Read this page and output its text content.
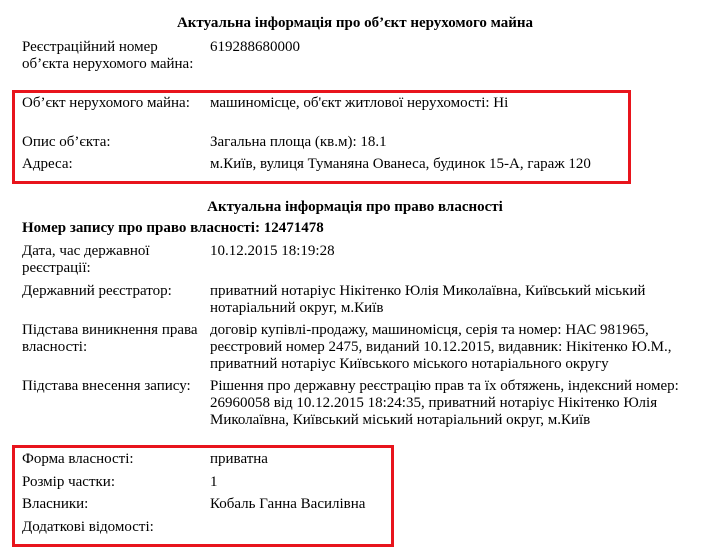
Актуальна інформація про об’єкт нерухомого майна
Реєстраційний номер об’єкта нерухомого майна:
619288680000
Об’єкт нерухомого майна:	машиномісце, об'єкт житлової нерухомості: Ні
Опис об’єкта:	Загальна площа (кв.м): 18.1
Адреса:	м.Київ, вулиця Туманяна Ованеса, будинок 15-А, гараж 120
Актуальна інформація про право власності
Номер запису про право власності: 12471478
Дата, час державної реєстрації:
10.12.2015 18:19:28
Державний реєстратор:	приватний нотаріус Нікітенко Юлія Миколаївна, Київський міський нотаріальний округ, м.Київ
Підстава виникнення права власності:
договір купівлі-продажу, машиномісця, серія та номер: НАС 981965, реєстровий номер 2475, виданий 10.12.2015, видавник: Нікітенко Ю.М., приватний нотаріус Київського міського нотаріального округу
Підстава внесення запису:	Рішення про державну реєстрацію прав та їх обтяжень, індексний номер: 26960058 від 10.12.2015 18:24:35, приватний нотаріус Нікітенко Юлія Миколаївна, Київський міський нотаріальний округ, м.Київ
Форма власності:	приватна
Розмір частки:	1
Власники:	Кобаль Ганна Василівна
Додаткові відомості:
